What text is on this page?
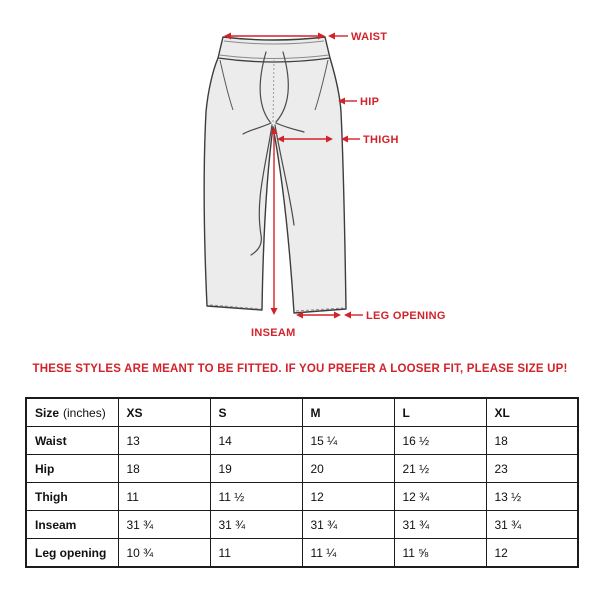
WAIST
HIP
THIGH
INSEAM
LEG OPENING
THESE STYLES ARE MEANT TO BE FITTED. IF YOU PREFER A LOOSER FIT, PLEASE SIZE UP!
Size (inches)	XS	S	M	L	XL
Waist	13	14	15 ¼	16 ½	18
Hip	18	19	20	21 ½	23
Thigh	11	11 ½	12	12 ¾	13 ½
Inseam	31 ¾	31 ¾	31 ¾	31 ¾	31 ¾
Leg opening	10 ¾	11	11 ¼	11 ⅝	12
